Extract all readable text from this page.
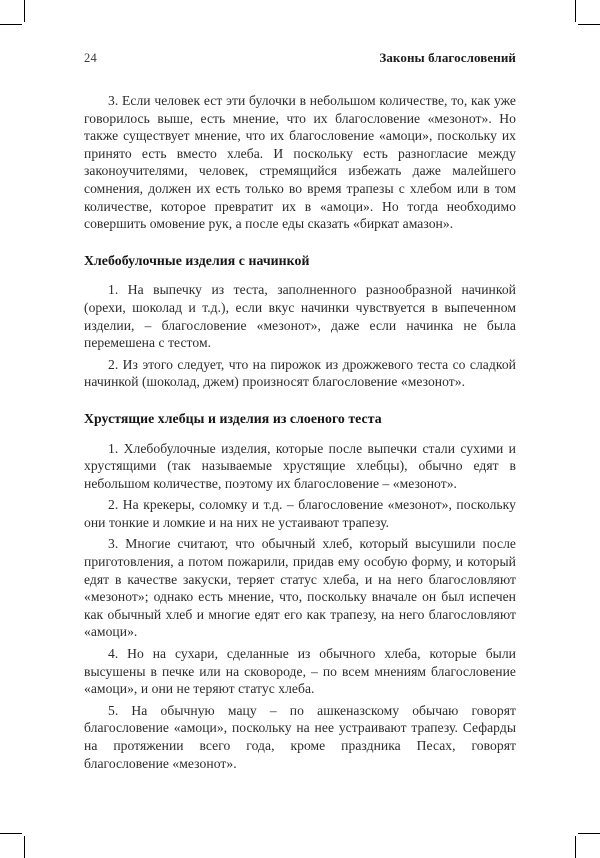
24	Законы благословений

3. Если человек ест эти булочки в небольшом количестве, то, как уже говорилось выше, есть мнение, что их благословение «мезонот». Но также существует мнение, что их благословение «амоци», поскольку их принято есть вместо хлеба. И поскольку есть разногласие между законоучителями, человек, стремящийся избежать даже малейшего сомнения, должен их есть только во время трапезы с хлебом или в том количестве, которое превратит их в «амоци». Но тогда необходимо совершить омовение рук, а после еды сказать «биркат амазон».

Хлебобулочные изделия с начинкой

1. На выпечку из теста, заполненного разнообразной начинкой (орехи, шоколад и т.д.), если вкус начинки чувствуется в выпеченном изделии, – благословение «мезонот», даже если начинка не была перемешена с тестом.

2. Из этого следует, что на пирожок из дрожжевого теста со сладкой начинкой (шоколад, джем) произносят благословение «мезонот».

Хрустящие хлебцы и изделия из слоеного теста

1. Хлебобулочные изделия, которые после выпечки стали сухими и хрустящими (так называемые хрустящие хлебцы), обычно едят в небольшом количестве, поэтому их благословение – «мезонот».

2. На крекеры, соломку и т.д. – благословение «мезонот», поскольку они тонкие и ломкие и на них не устаивают трапезу.

3. Многие считают, что обычный хлеб, который высушили после приготовления, а потом пожарили, придав ему особую форму, и который едят в качестве закуски, теряет статус хлеба, и на него благословляют «мезонот»; однако есть мнение, что, поскольку вначале он был испечен как обычный хлеб и многие едят его как трапезу, на него благословляют «амоци».

4. Но на сухари, сделанные из обычного хлеба, которые были высушены в печке или на сковороде, – по всем мнениям благословение «амоци», и они не теряют статус хлеба.

5. На обычную мацу – по ашкеназскому обычаю говорят благословение «амоци», поскольку на нее устраивают трапезу. Сефарды на протяжении всего года, кроме праздника Песах, говорят благословение «мезонот».
